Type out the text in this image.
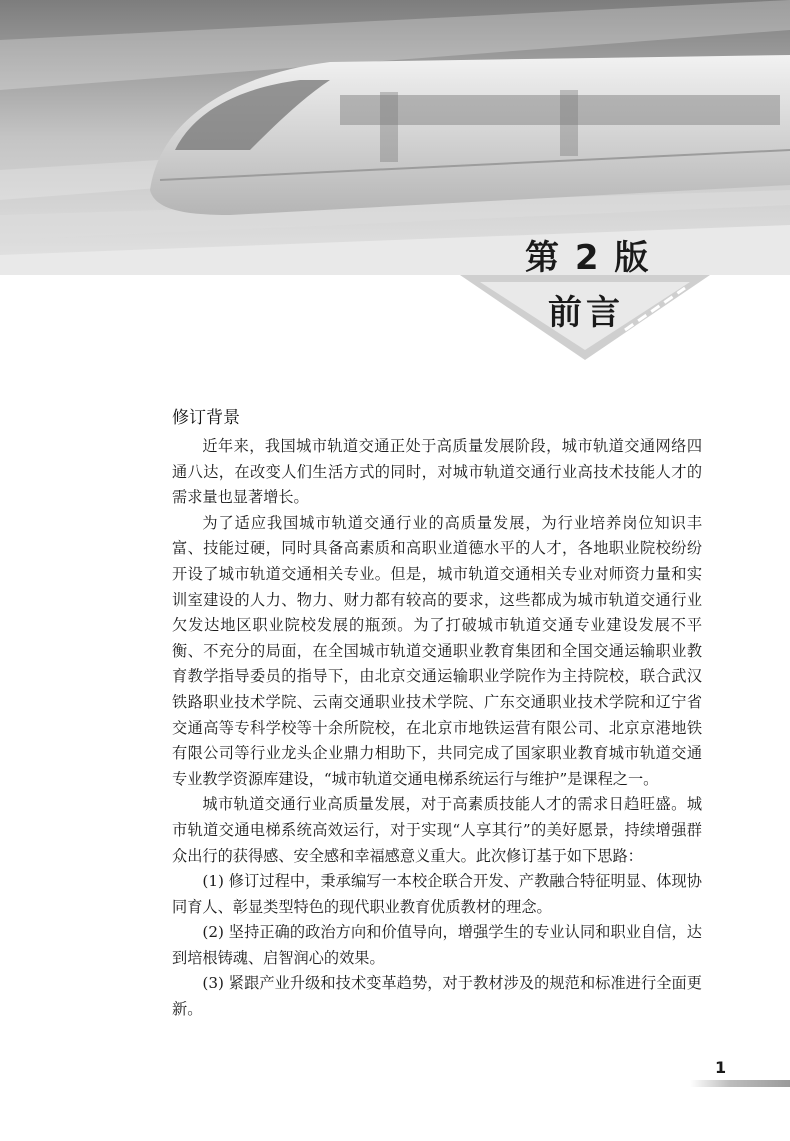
第 2 版
前言
修订背景

近年来，我国城市轨道交通正处于高质量发展阶段，城市轨道交通网络四通八达，在改变人们生活方式的同时，对城市轨道交通行业高技术技能人才的需求量也显著增长。

为了适应我国城市轨道交通行业的高质量发展，为行业培养岗位知识丰富、技能过硬，同时具备高素质和高职业道德水平的人才，各地职业院校纷纷开设了城市轨道交通相关专业。但是，城市轨道交通相关专业对师资力量和实训室建设的人力、物力、财力都有较高的要求，这些都成为城市轨道交通行业欠发达地区职业院校发展的瓶颈。为了打破城市轨道交通专业建设发展不平衡、不充分的局面，在全国城市轨道交通职业教育集团和全国交通运输职业教育教学指导委员的指导下，由北京交通运输职业学院作为主持院校，联合武汉铁路职业技术学院、云南交通职业技术学院、广东交通职业技术学院和辽宁省交通高等专科学校等十余所院校，在北京市地铁运营有限公司、北京京港地铁有限公司等行业龙头企业鼎力相助下，共同完成了国家职业教育城市轨道交通专业教学资源库建设，“城市轨道交通电梯系统运行与维护”是课程之一。

城市轨道交通行业高质量发展，对于高素质技能人才的需求日趋旺盛。城市轨道交通电梯系统高效运行，对于实现“人享其行”的美好愿景，持续增强群众出行的获得感、安全感和幸福感意义重大。此次修订基于如下思路：

(1) 修订过程中，秉承编写一本校企联合开发、产教融合特征明显、体现协同育人、彰显类型特色的现代职业教育优质教材的理念。

(2) 坚持正确的政治方向和价值导向，增强学生的专业认同和职业自信，达到培根铸魂、启智润心的效果。

(3) 紧跟产业升级和技术变革趋势，对于教材涉及的规范和标准进行全面更新。

1
